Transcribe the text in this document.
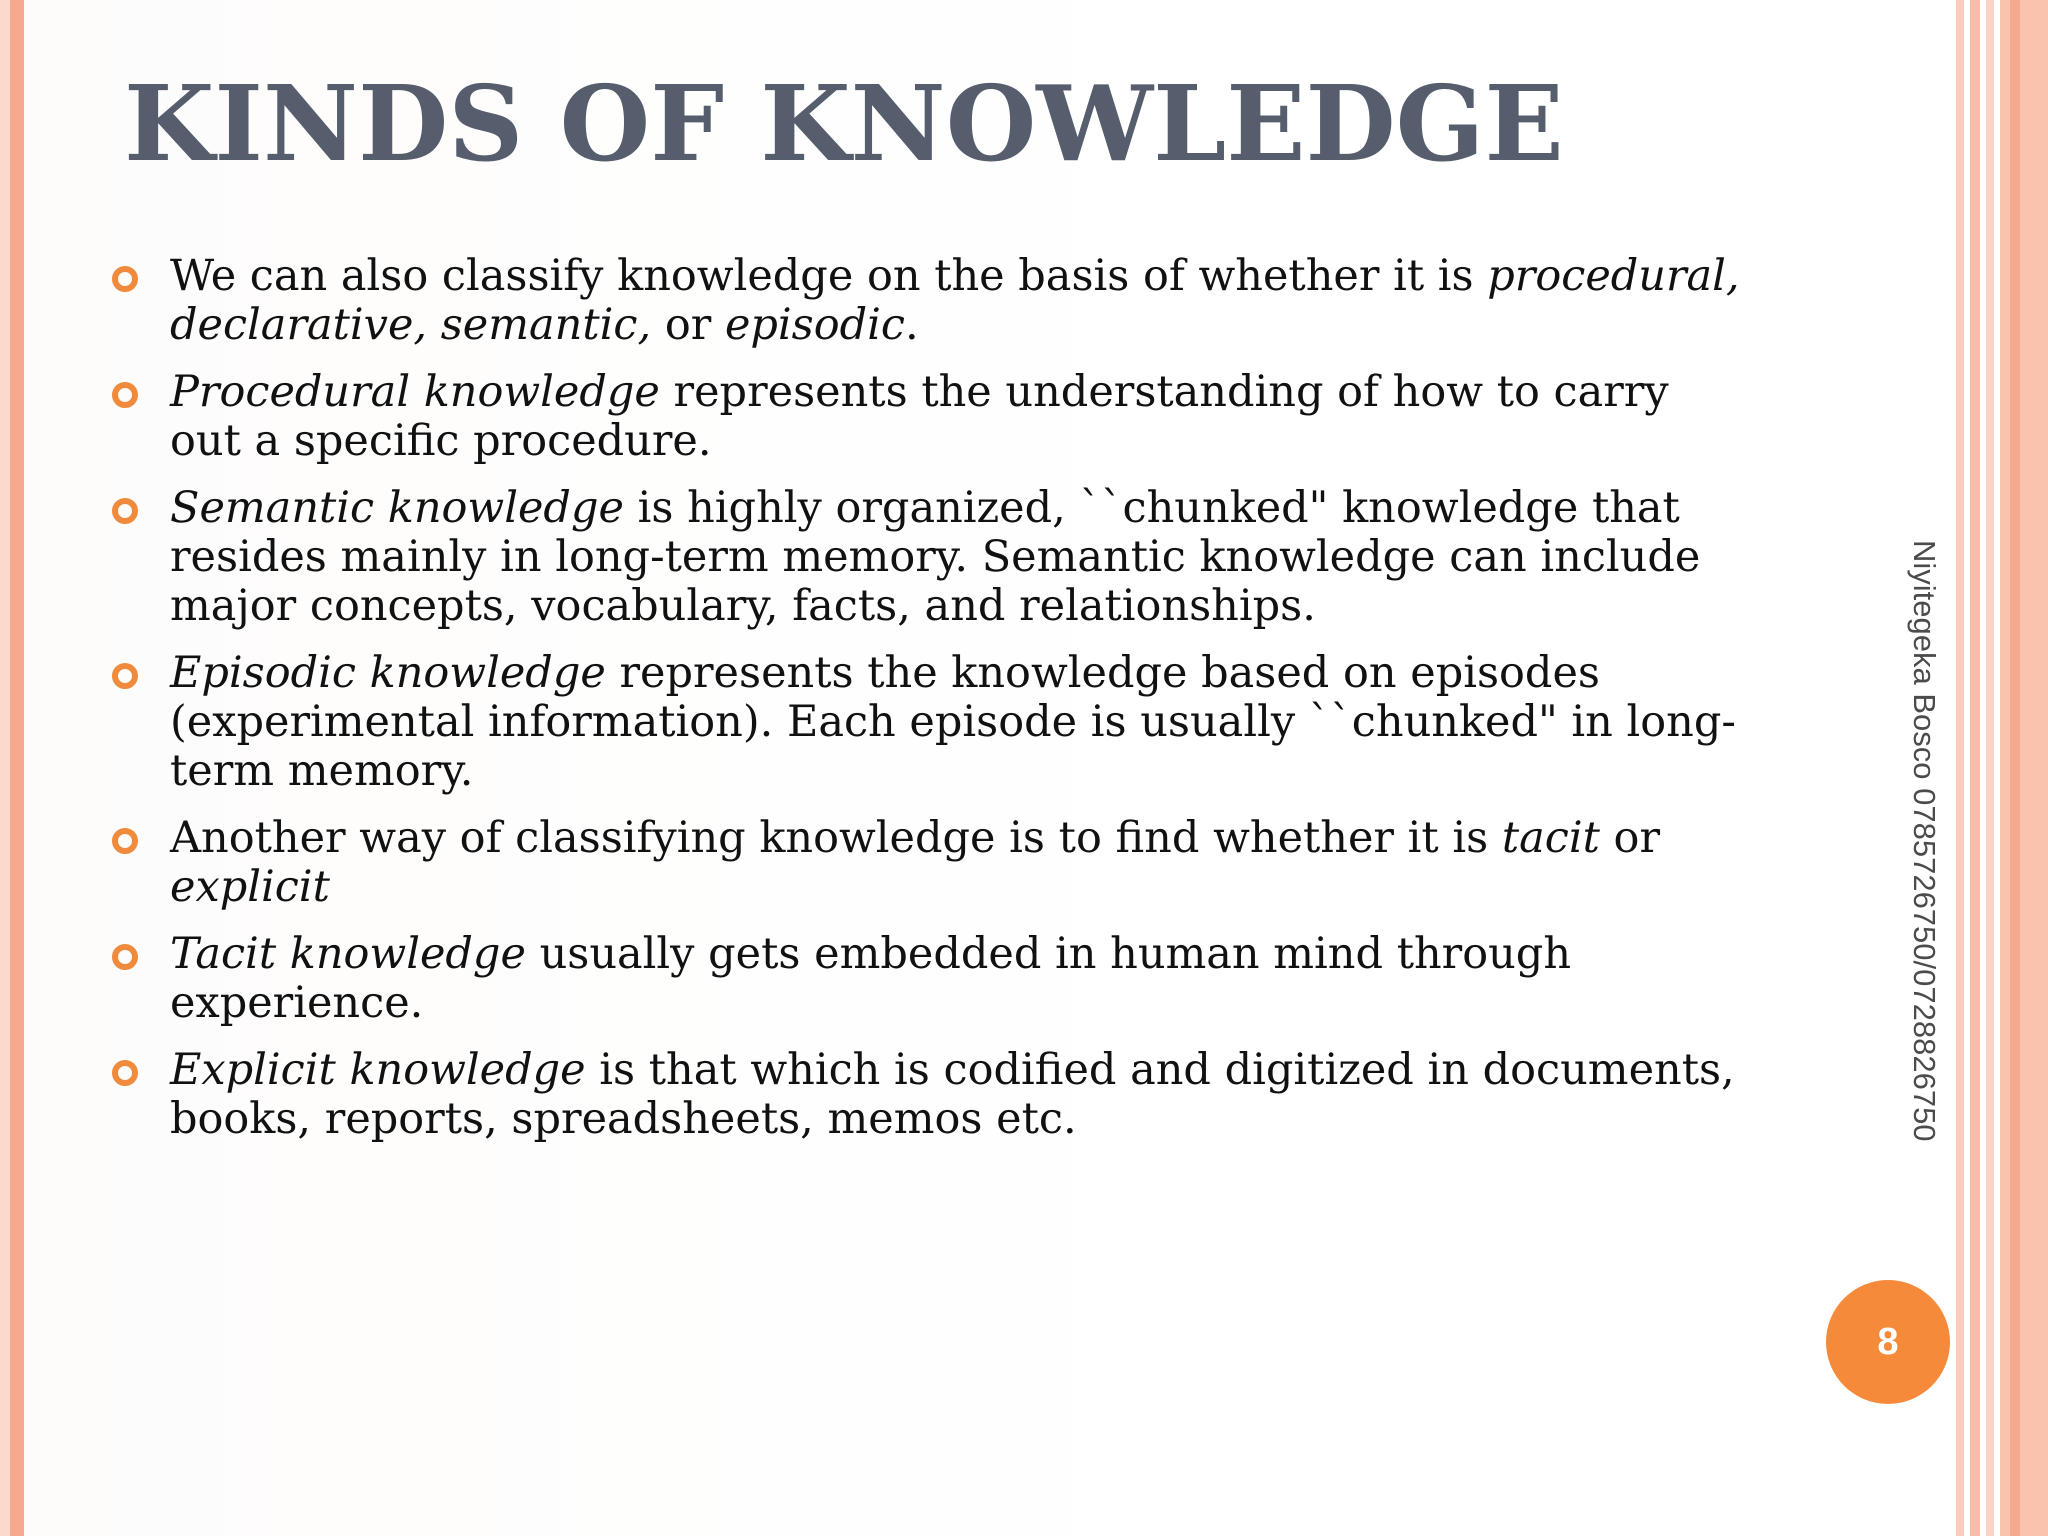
KINDS OF KNOWLEDGE
We can also classify knowledge on the basis of whether it is procedural, declarative, semantic, or episodic.
Procedural knowledge represents the understanding of how to carry out a specific procedure.
Semantic knowledge is highly organized, ``chunked" knowledge that resides mainly in long-term memory. Semantic knowledge can include major concepts, vocabulary, facts, and relationships.
Episodic knowledge represents the knowledge based on episodes (experimental information). Each episode is usually ``chunked" in long-term memory.
Another way of classifying knowledge is to find whether it is tacit or explicit
Tacit knowledge usually gets embedded in human mind through experience.
Explicit knowledge is that which is codified and digitized in documents, books, reports, spreadsheets, memos etc.	Niyitegeka Bosco 0785726750/0728826750
8
